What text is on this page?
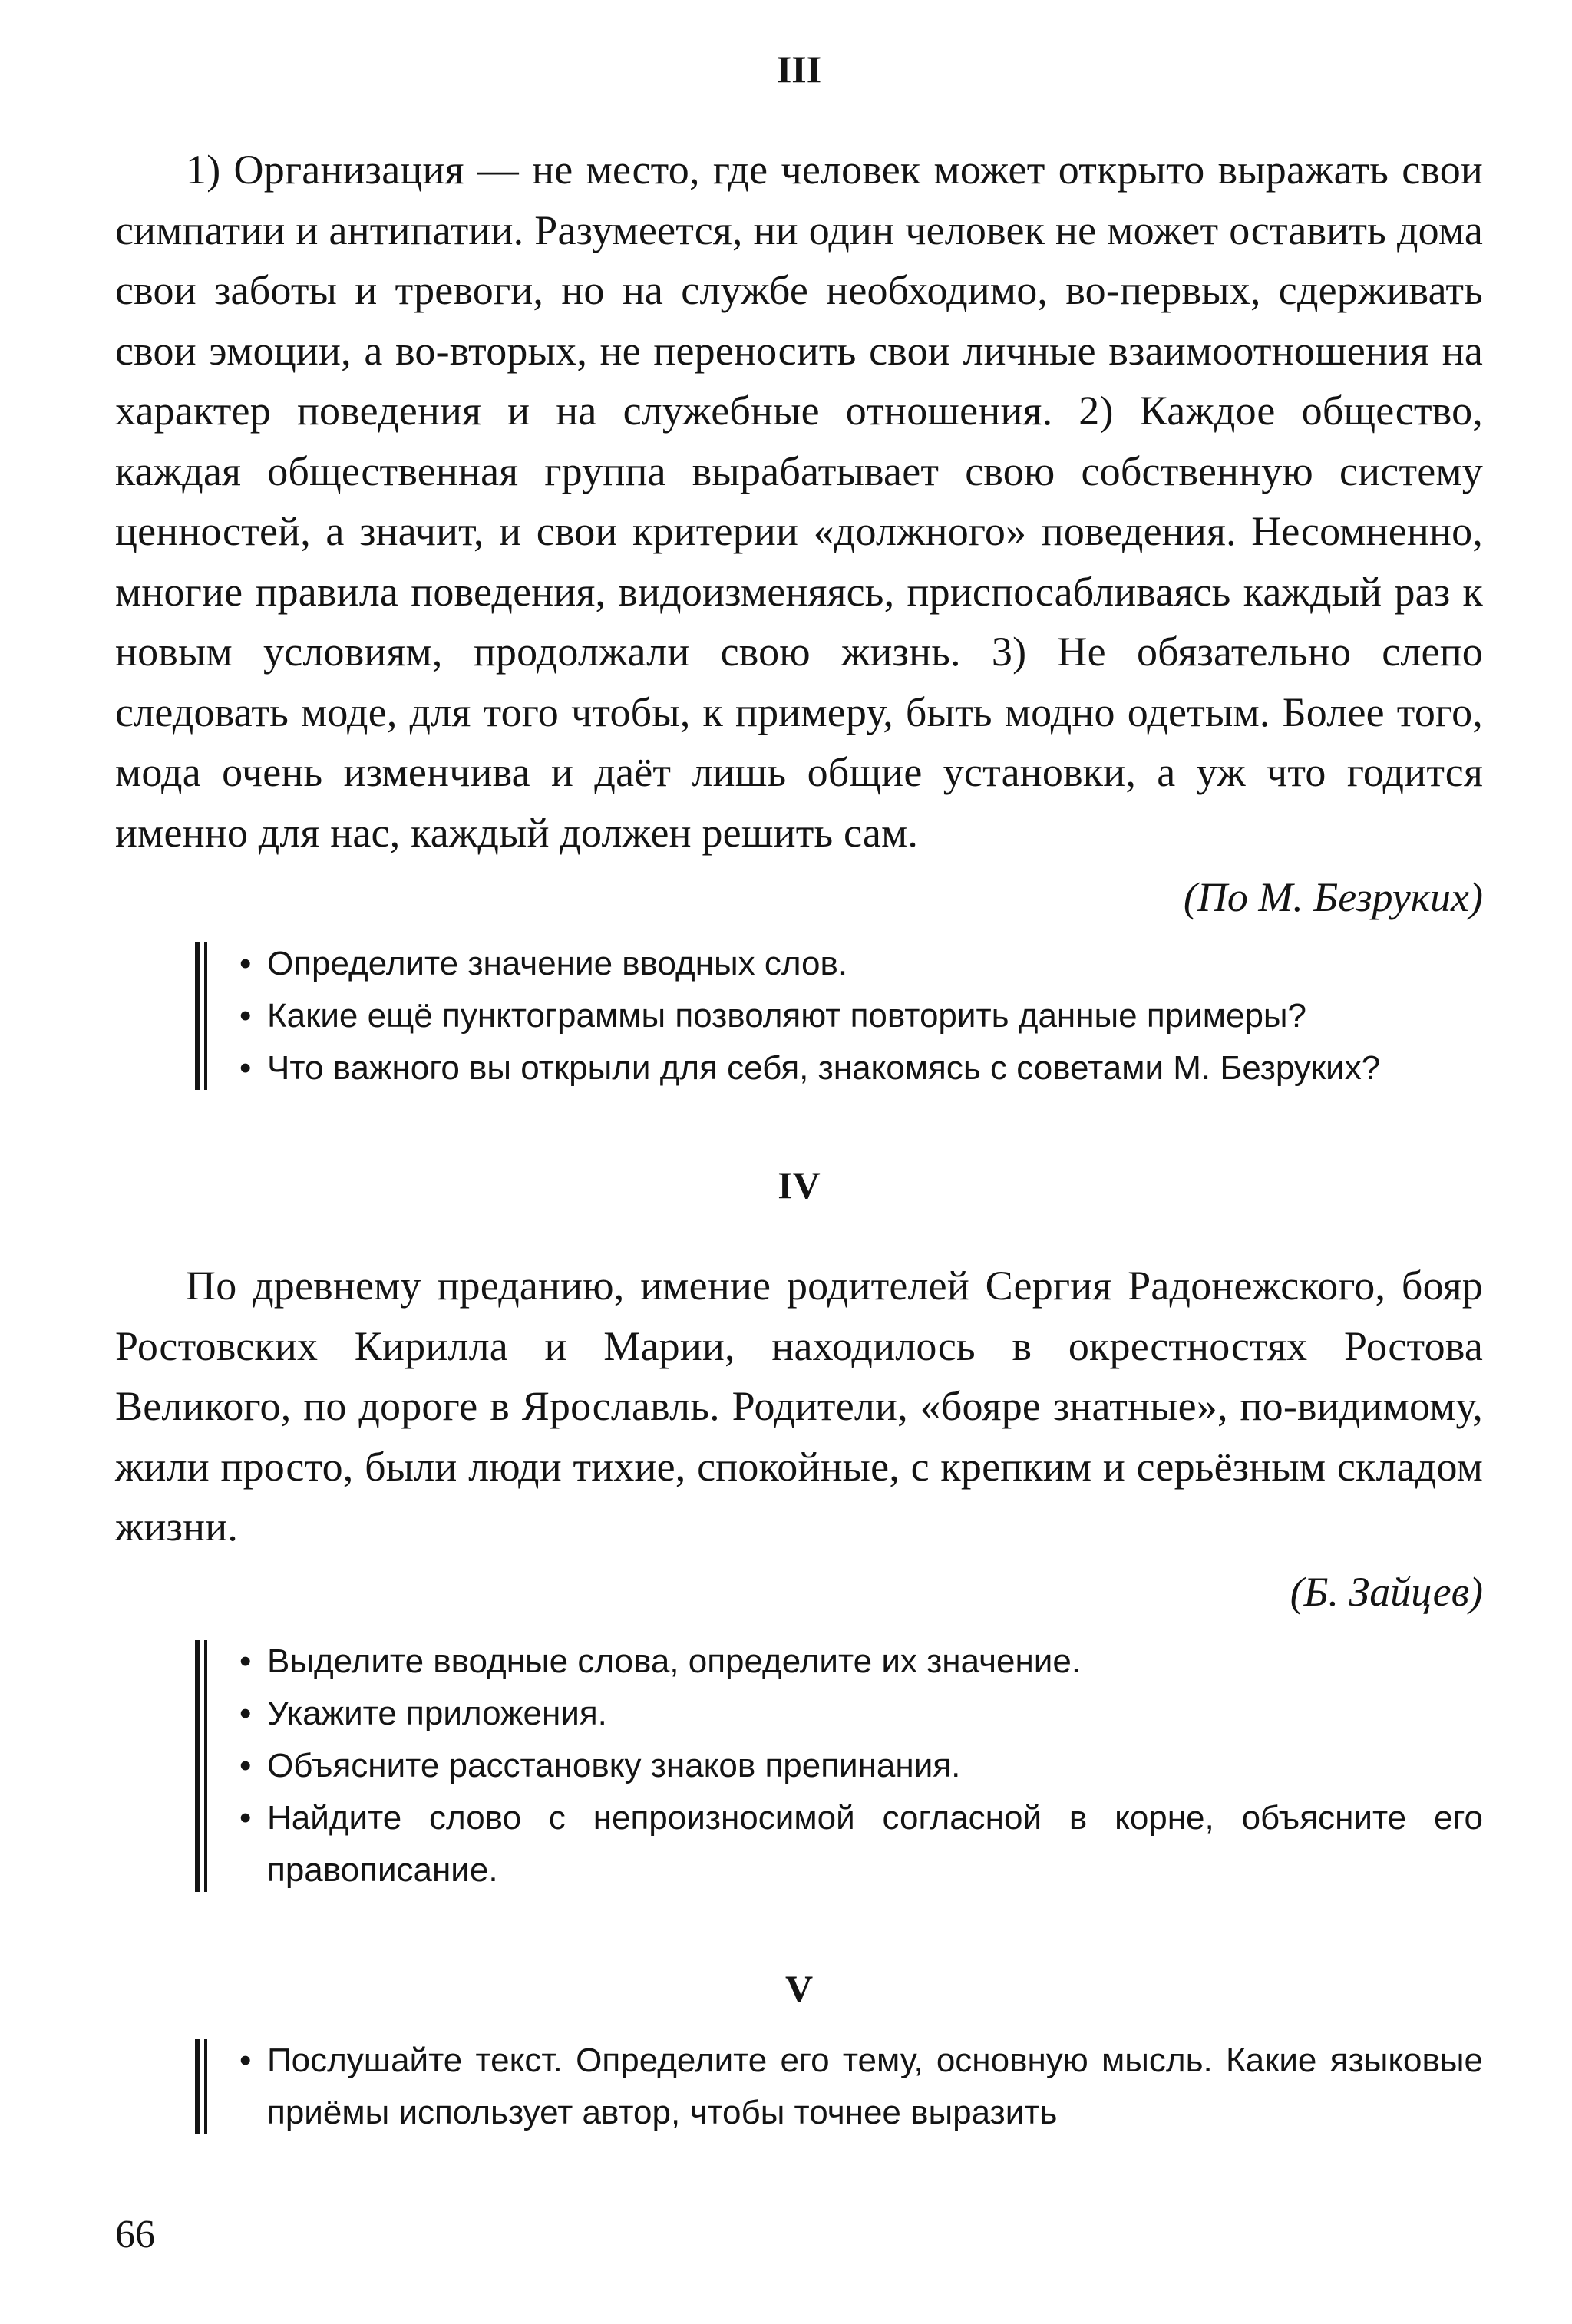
III

1) Организация — не место, где человек может открыто выражать свои симпатии и антипатии. Разумеется, ни один человек не может оставить дома свои заботы и тревоги, но на службе необходимо, во-первых, сдерживать свои эмоции, а во-вторых, не переносить свои личные взаимоотношения на характер поведения и на служебные отношения. 2) Каждое общество, каждая общественная группа вырабатывает свою собственную систему ценностей, а значит, и свои критерии «должного» поведения. Несомненно, многие правила поведения, видоизменяясь, приспосабливаясь каждый раз к новым условиям, продолжали свою жизнь. 3) Не обязательно слепо следовать моде, для того чтобы, к примеру, быть модно одетым. Более того, мода очень изменчива и даёт лишь общие установки, а уж что годится именно для нас, каждый должен решить сам.

(По М. Безруких)

• Определите значение вводных слов.
• Какие ещё пунктограммы позволяют повторить данные примеры?
• Что важного вы открыли для себя, знакомясь с советами М. Безруких?
IV

По древнему преданию, имение родителей Сергия Радонежского, бояр Ростовских Кирилла и Марии, находилось в окрестностях Ростова Великого, по дороге в Ярославль. Родители, «бояре знатные», по-видимому, жили просто, были люди тихие, спокойные, с крепким и серьёзным складом жизни.

(Б. Зайцев)

• Выделите вводные слова, определите их значение.
• Укажите приложения.
• Объясните расстановку знаков препинания.
• Найдите слово с непроизносимой согласной в корне, объясните его правописание.
V
• Послушайте текст. Определите его тему, основную мысль. Какие языковые приёмы использует автор, чтобы точнее выразить
66
